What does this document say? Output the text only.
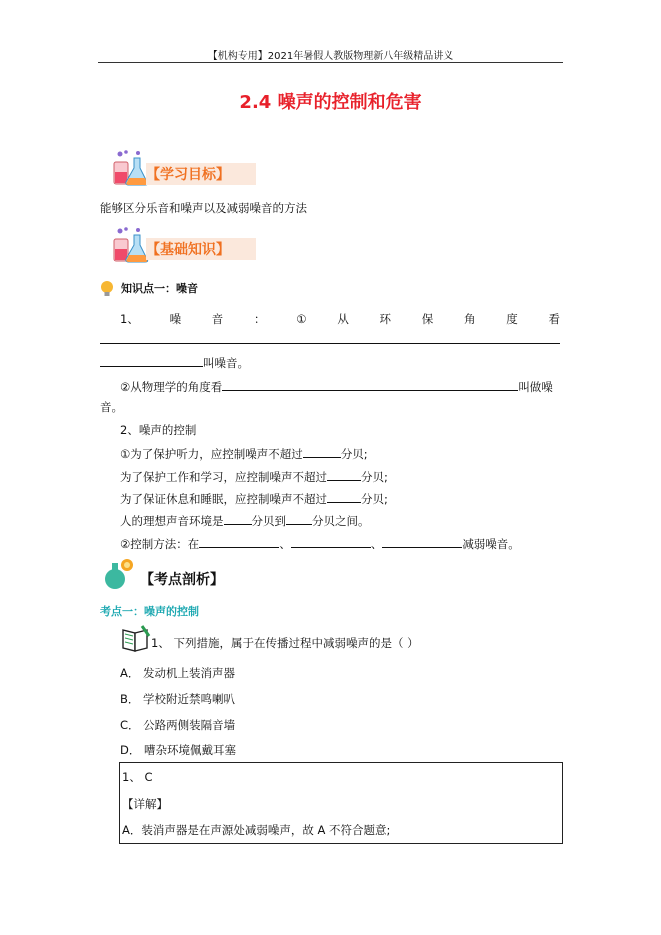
【机构专用】2021年暑假人教版物理新八年级精品讲义
2.4 噪声的控制和危害
【学习目标】
能够区分乐音和噪声以及减弱噪音的方法
【基础知识】
知识点一：噪音
1、	噪	音	：	①	从	环	保	角	度	看
叫噪音。
②从物理学的角度看	叫做噪
音。
2、噪声的控制
①为了保护听力，应控制噪声不超过	分贝;
为了保护工作和学习，应控制噪声不超过	分贝;
为了保证休息和睡眠，应控制噪声不超过	分贝;
人的理想声音环境是 分贝到 分贝之间。
②控制方法：在	、	、	减弱噪音。
【考点剖析】
考点一：噪声的控制
1、 下列措施，属于在传播过程中减弱噪声的是（ ）
A． 发动机上装消声器
B． 学校附近禁鸣喇叭
C． 公路两侧装隔音墙
D． 嘈杂环境佩戴耳塞
1、 C
【详解】
A．装消声器是在声源处减弱噪声，故 A 不符合题意;
